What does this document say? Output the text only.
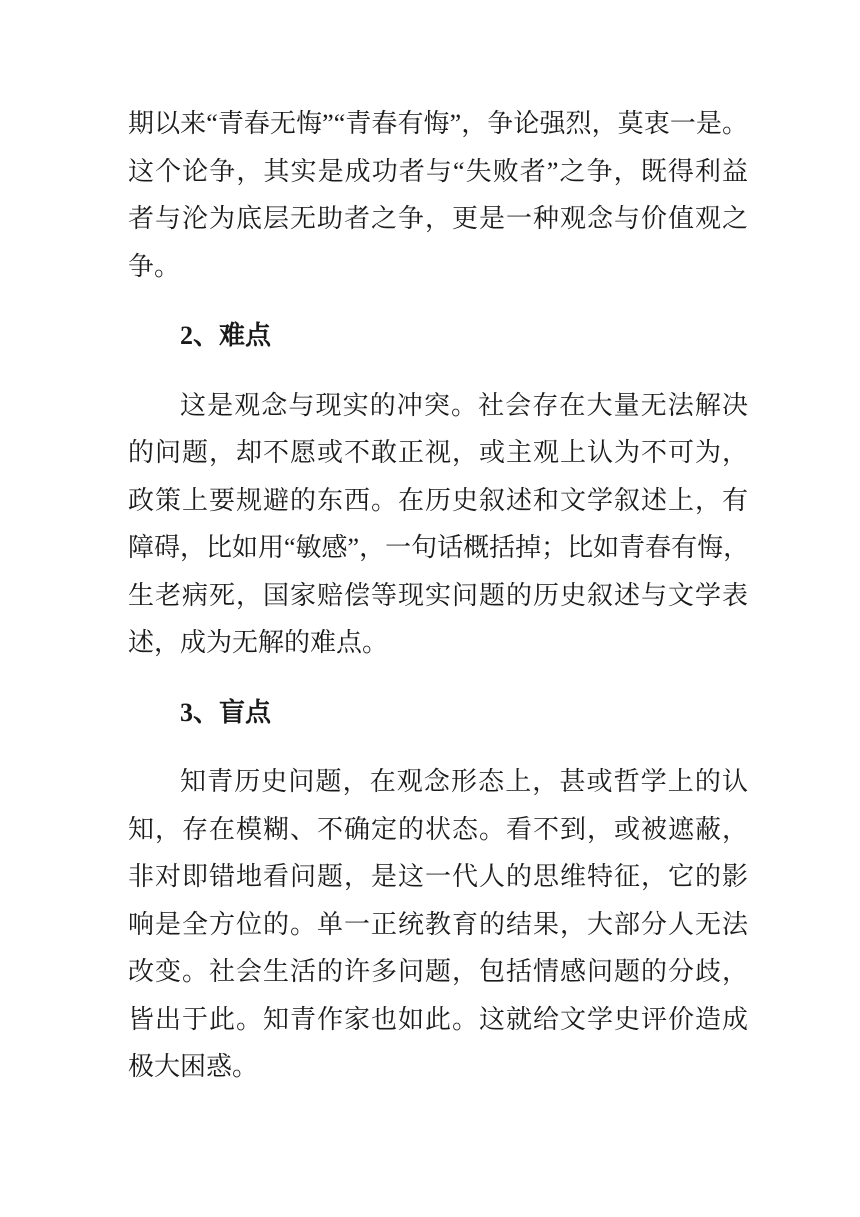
期以来“青春无悔”“青春有悔”，争论强烈，莫衷一是。
这个论争，其实是成功者与“失败者”之争，既得利益
者与沦为底层无助者之争，更是一种观念与价值观之
争。

2、难点

这是观念与现实的冲突。社会存在大量无法解决
的问题，却不愿或不敢正视，或主观上认为不可为，
政策上要规避的东西。在历史叙述和文学叙述上，有
障碍，比如用“敏感”，一句话概括掉；比如青春有悔，
生老病死，国家赔偿等现实问题的历史叙述与文学表
述，成为无解的难点。

3、盲点

知青历史问题，在观念形态上，甚或哲学上的认
知，存在模糊、不确定的状态。看不到，或被遮蔽，
非对即错地看问题，是这一代人的思维特征，它的影
响是全方位的。单一正统教育的结果，大部分人无法
改变。社会生活的许多问题，包括情感问题的分歧，
皆出于此。知青作家也如此。这就给文学史评价造成
极大困惑。
